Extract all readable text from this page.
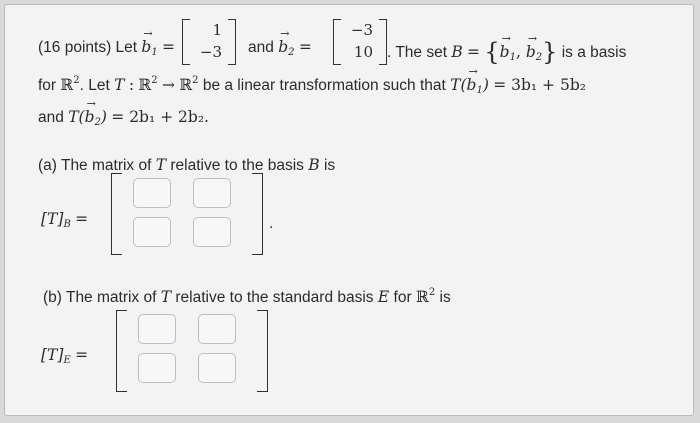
(16 points) Let → $b_1$ =
1
−3	and → $b_2$ =
−3
10 . The set B = {→ $b_1$, → $b_2$} is a basis
for ℝ$^2$. Let T : ℝ$^2$ → ℝ$^2$ be a linear transformation such that $T(\to b_1) = 3b_1 + 5b_2$
and $T(\to b_2) = 2b_1 + 2b_2$.
(a) The matrix of T relative to the basis B is
$[T]_B$ =	.
(b) The matrix of T relative to the standard basis E for ℝ$^2$ is
$[T]_E$ =
